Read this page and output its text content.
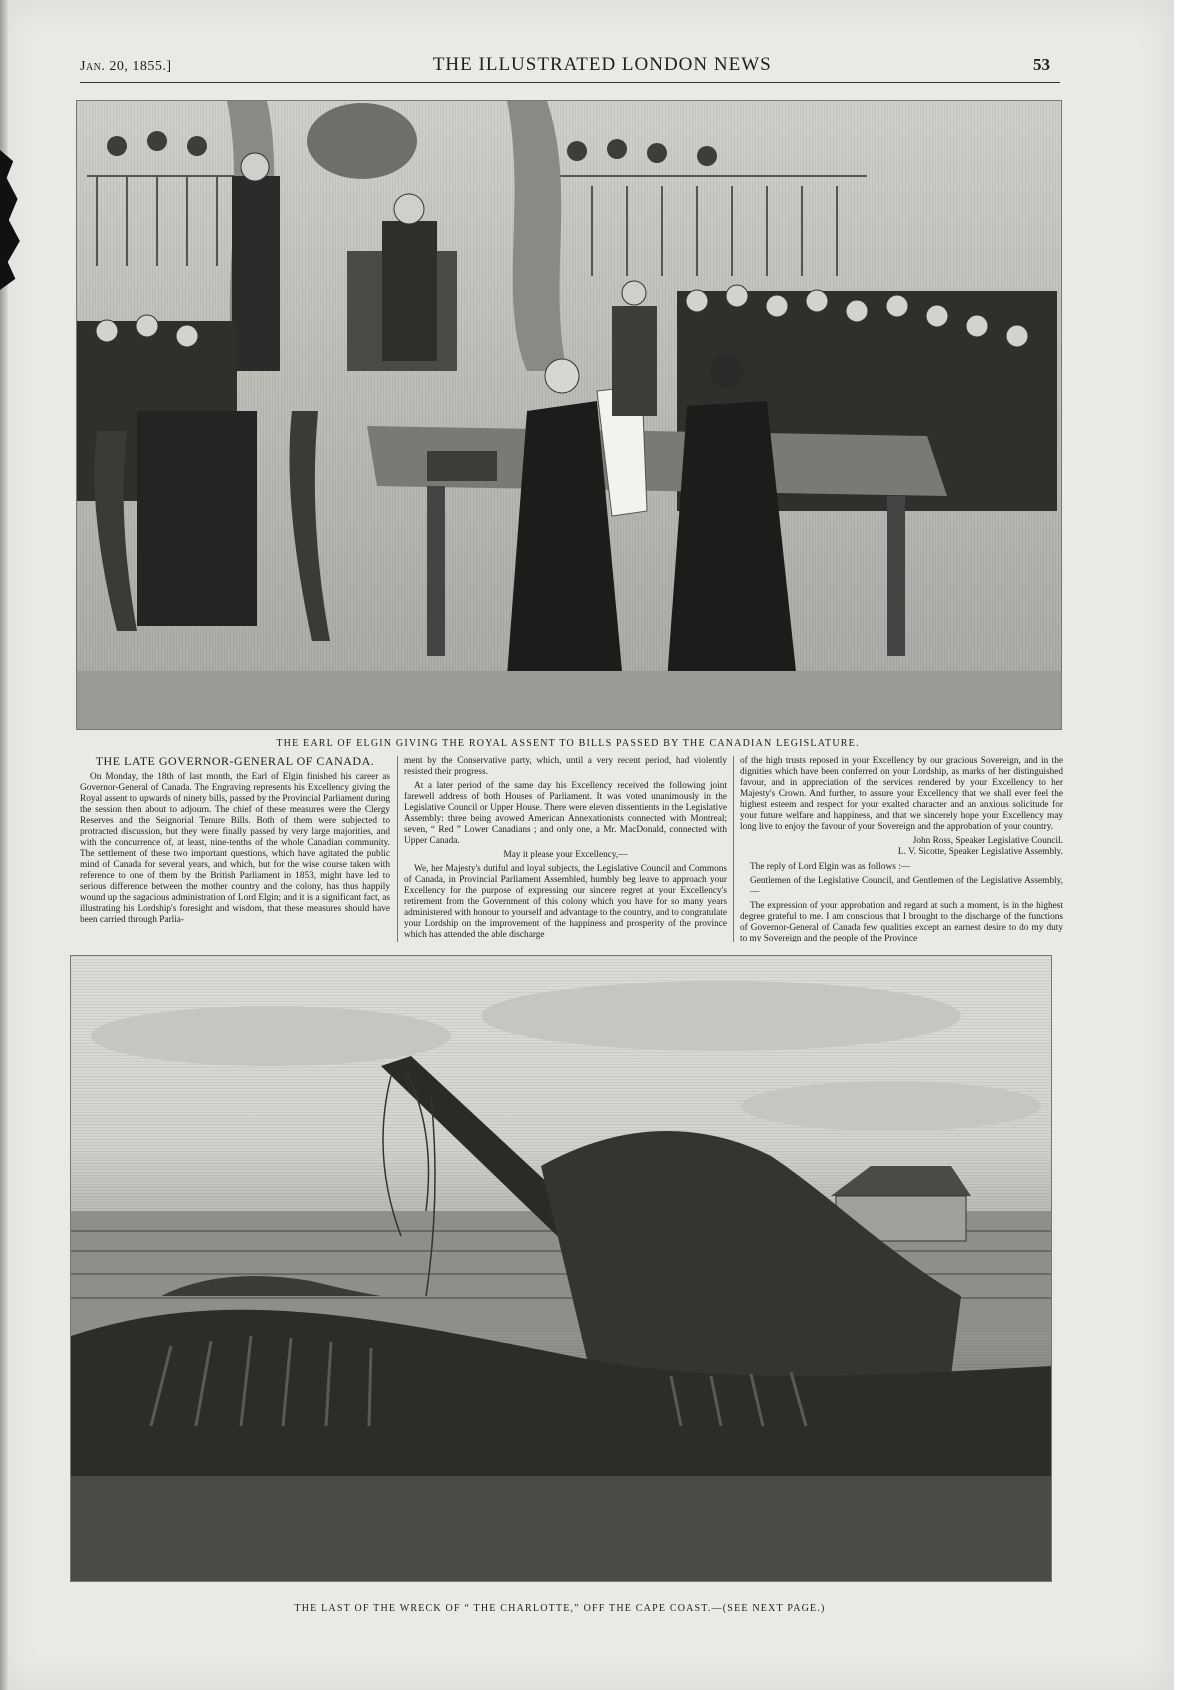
Jan. 20, 1855.]	THE ILLUSTRATED LONDON NEWS	53
THE EARL OF ELGIN GIVING THE ROYAL ASSENT TO BILLS PASSED BY THE CANADIAN LEGISLATURE.
THE LATE GOVERNOR-GENERAL OF CANADA.

On Monday, the 18th of last month, the Earl of Elgin finished his career as Governor-General of Canada. The Engraving represents his Excellency giving the Royal assent to upwards of ninety bills, passed by the Provincial Parliament during the session then about to adjourn. The chief of these measures were the Clergy Reserves and the Seignorial Tenure Bills. Both of them were subjected to protracted discussion, but they were finally passed by very large majorities, and with the concurrence of, at least, nine-tenths of the whole Canadian community. The settlement of these two important questions, which have agitated the public mind of Canada for several years, and which, but for the wise course taken with reference to one of them by the British Parliament in 1853, might have led to serious difference between the mother country and the colony, has thus happily wound up the sagacious administration of Lord Elgin; and it is a significant fact, as illustrating his Lordship's foresight and wisdom, that these measures should have been carried through Parlia-

ment by the Conservative party, which, until a very recent period, had violently resisted their progress.

At a later period of the same day his Excellency received the following joint farewell address of both Houses of Parliament. It was voted unanimously in the Legislative Council or Upper House. There were eleven dissentients in the Legislative Assembly: three being avowed American Annexationists connected with Montreal; seven, “ Red ” Lower Canadians ; and only one, a Mr. MacDonald, connected with Upper Canada.

May it please your Excellency,—

We, her Majesty's dutiful and loyal subjects, the Legislative Council and Commons of Canada, in Provincial Parliament Assembled, humbly beg leave to approach your Excellency for the purpose of expressing our sincere regret at your Excellency's retirement from the Government of this colony which you have for so many years administered with honour to yourself and advantage to the country, and to congratulate your Lordship on the improvement of the happiness and prosperity of the province which has attended the able discharge

of the high trusts reposed in your Excellency by our gracious Sovereign, and in the dignities which have been conferred on your Lordship, as marks of her distinguished favour, and in appreciation of the services rendered by your Excellency to her Majesty's Crown. And further, to assure your Excellency that we shall ever feel the highest esteem and respect for your exalted character and an anxious solicitude for your future welfare and happiness, and that we sincerely hope your Excellency may long live to enjoy the favour of your Sovereign and the approbation of your country.

John Ross, Speaker Legislative Council.

L. V. Sicotte, Speaker Legislative Assembly.

The reply of Lord Elgin was as follows :—

Gentlemen of the Legislative Council, and Gentlemen of the Legislative Assembly,—

The expression of your approbation and regard at such a moment, is in the highest degree grateful to me. I am conscious that I brought to the discharge of the functions of Governor-General of Canada few qualities except an earnest desire to do my duty to my Sovereign and the people of the Province

THE LAST OF THE WRECK OF “ THE CHARLOTTE,” OFF THE CAPE COAST.—(SEE NEXT PAGE.)
